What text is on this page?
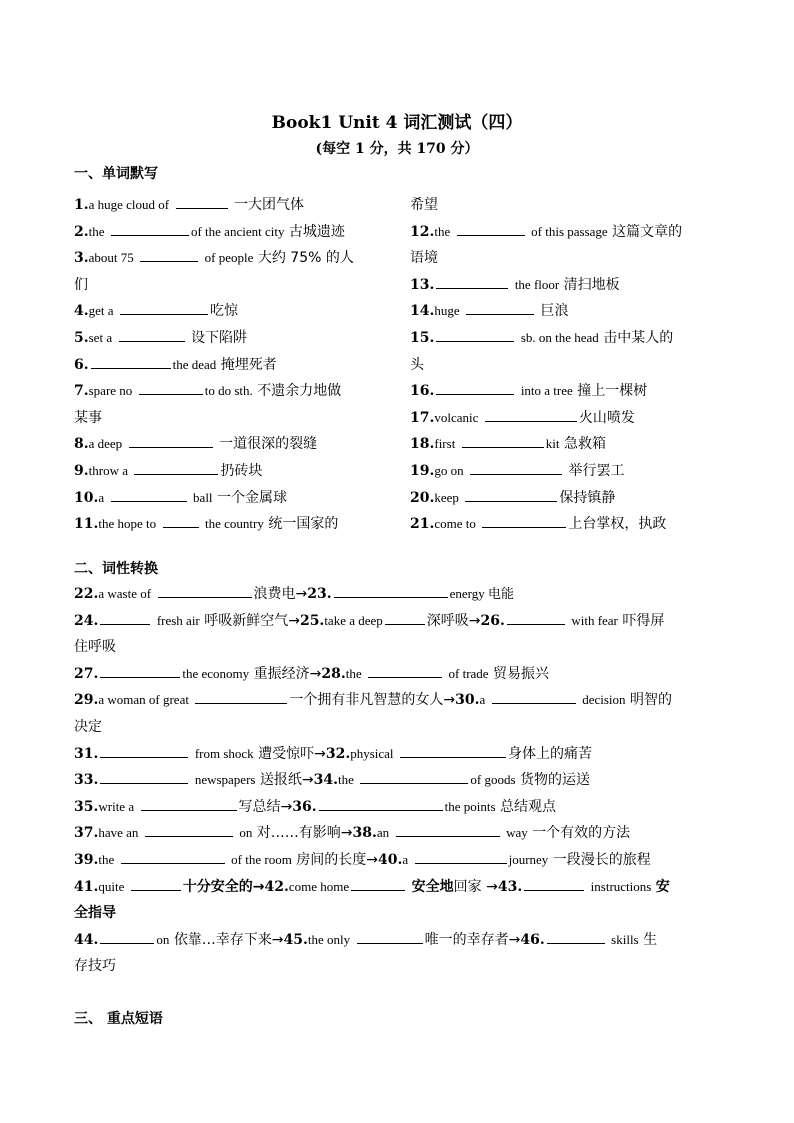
Book1 Unit 4 词汇测试（四）
(每空 1 分，共 170 分）
一、单词默写
1.a huge cloud of	一大团气体
2.the	of the ancient city 古城遗迹
3.about 75	of people 大约 75% 的人
们
4.get a	吃惊
5.set a	设下陷阱
6.	the dead 掩埋死者
7.spare no	to do sth. 不遗余力地做
某事
8.a deep	一道很深的裂缝
9.throw a	扔砖块
10.a	ball 一个金属球
11.the hope to	the country 统一国家的
希望
12.the	of this passage 这篇文章的
语境
13.	the floor 清扫地板
14.huge	巨浪
15.	sb. on the head 击中某人的
头
16.	into a tree 撞上一棵树
17.volcanic	火山喷发
18.first	kit 急救箱
19.go on	举行罢工
20.keep	保持镇静
21.come to	上台掌权，执政
二、词性转换
22.a waste of	浪费电→23.	energy 电能
24.	fresh air 呼吸新鲜空气→25.take a deep	深呼吸→26.	with fear 吓得屏
住呼吸
27.	the economy 重振经济→28.the	of trade 贸易振兴
29.a woman of great	一个拥有非凡智慧的女人→30.a	decision 明智的
决定
31.	from shock 遭受惊吓→32.physical	身体上的痛苦
33.	newspapers 送报纸→34.the	of goods 货物的运送
35.write a	写总结→36.	the points 总结观点
37.have an	on 对……有影响→38.an	way 一个有效的方法
39.the	of the room 房间的长度→40.a	journey 一段漫长的旅程
41.quite	十分安全的→42.come home	安全地回家 →43.	instructions 安
全指导
44.	on 依靠…幸存下来→45.the only	唯一的幸存者→46.	skills 生
存技巧
三、 重点短语
